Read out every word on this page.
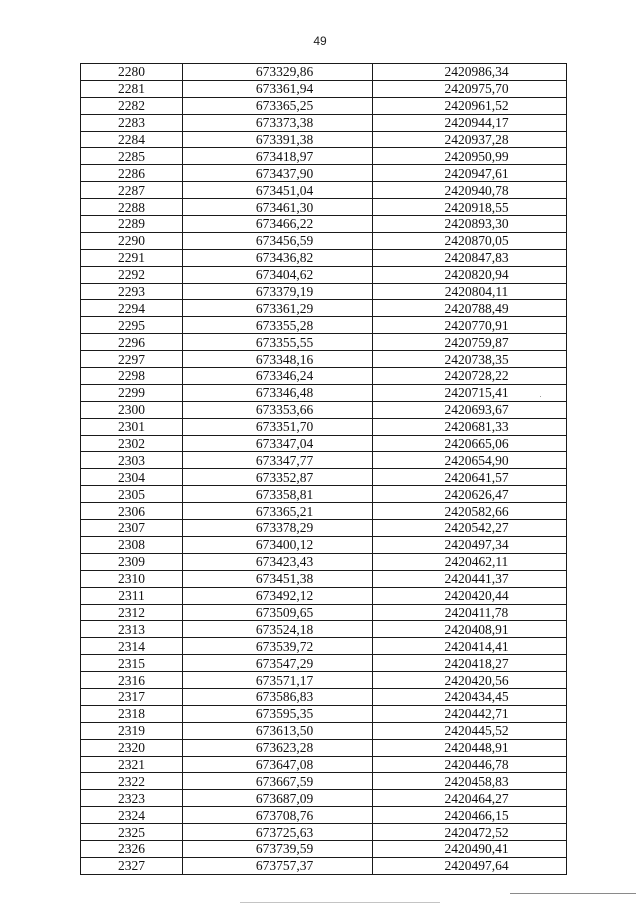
49
2280	673329,86	2420986,34
2281	673361,94	2420975,70
2282	673365,25	2420961,52
2283	673373,38	2420944,17
2284	673391,38	2420937,28
2285	673418,97	2420950,99
2286	673437,90	2420947,61
2287	673451,04	2420940,78
2288	673461,30	2420918,55
2289	673466,22	2420893,30
2290	673456,59	2420870,05
2291	673436,82	2420847,83
2292	673404,62	2420820,94
2293	673379,19	2420804,11
2294	673361,29	2420788,49
2295	673355,28	2420770,91
2296	673355,55	2420759,87
2297	673348,16	2420738,35
2298	673346,24	2420728,22
2299	673346,48	2420715,41
2300	673353,66	2420693,67
2301	673351,70	2420681,33
2302	673347,04	2420665,06
2303	673347,77	2420654,90
2304	673352,87	2420641,57
2305	673358,81	2420626,47
2306	673365,21	2420582,66
2307	673378,29	2420542,27
2308	673400,12	2420497,34
2309	673423,43	2420462,11
2310	673451,38	2420441,37
2311	673492,12	2420420,44
2312	673509,65	2420411,78
2313	673524,18	2420408,91
2314	673539,72	2420414,41
2315	673547,29	2420418,27
2316	673571,17	2420420,56
2317	673586,83	2420434,45
2318	673595,35	2420442,71
2319	673613,50	2420445,52
2320	673623,28	2420448,91
2321	673647,08	2420446,78
2322	673667,59	2420458,83
2323	673687,09	2420464,27
2324	673708,76	2420466,15
2325	673725,63	2420472,52
2326	673739,59	2420490,41
2327	673757,37	2420497,64
